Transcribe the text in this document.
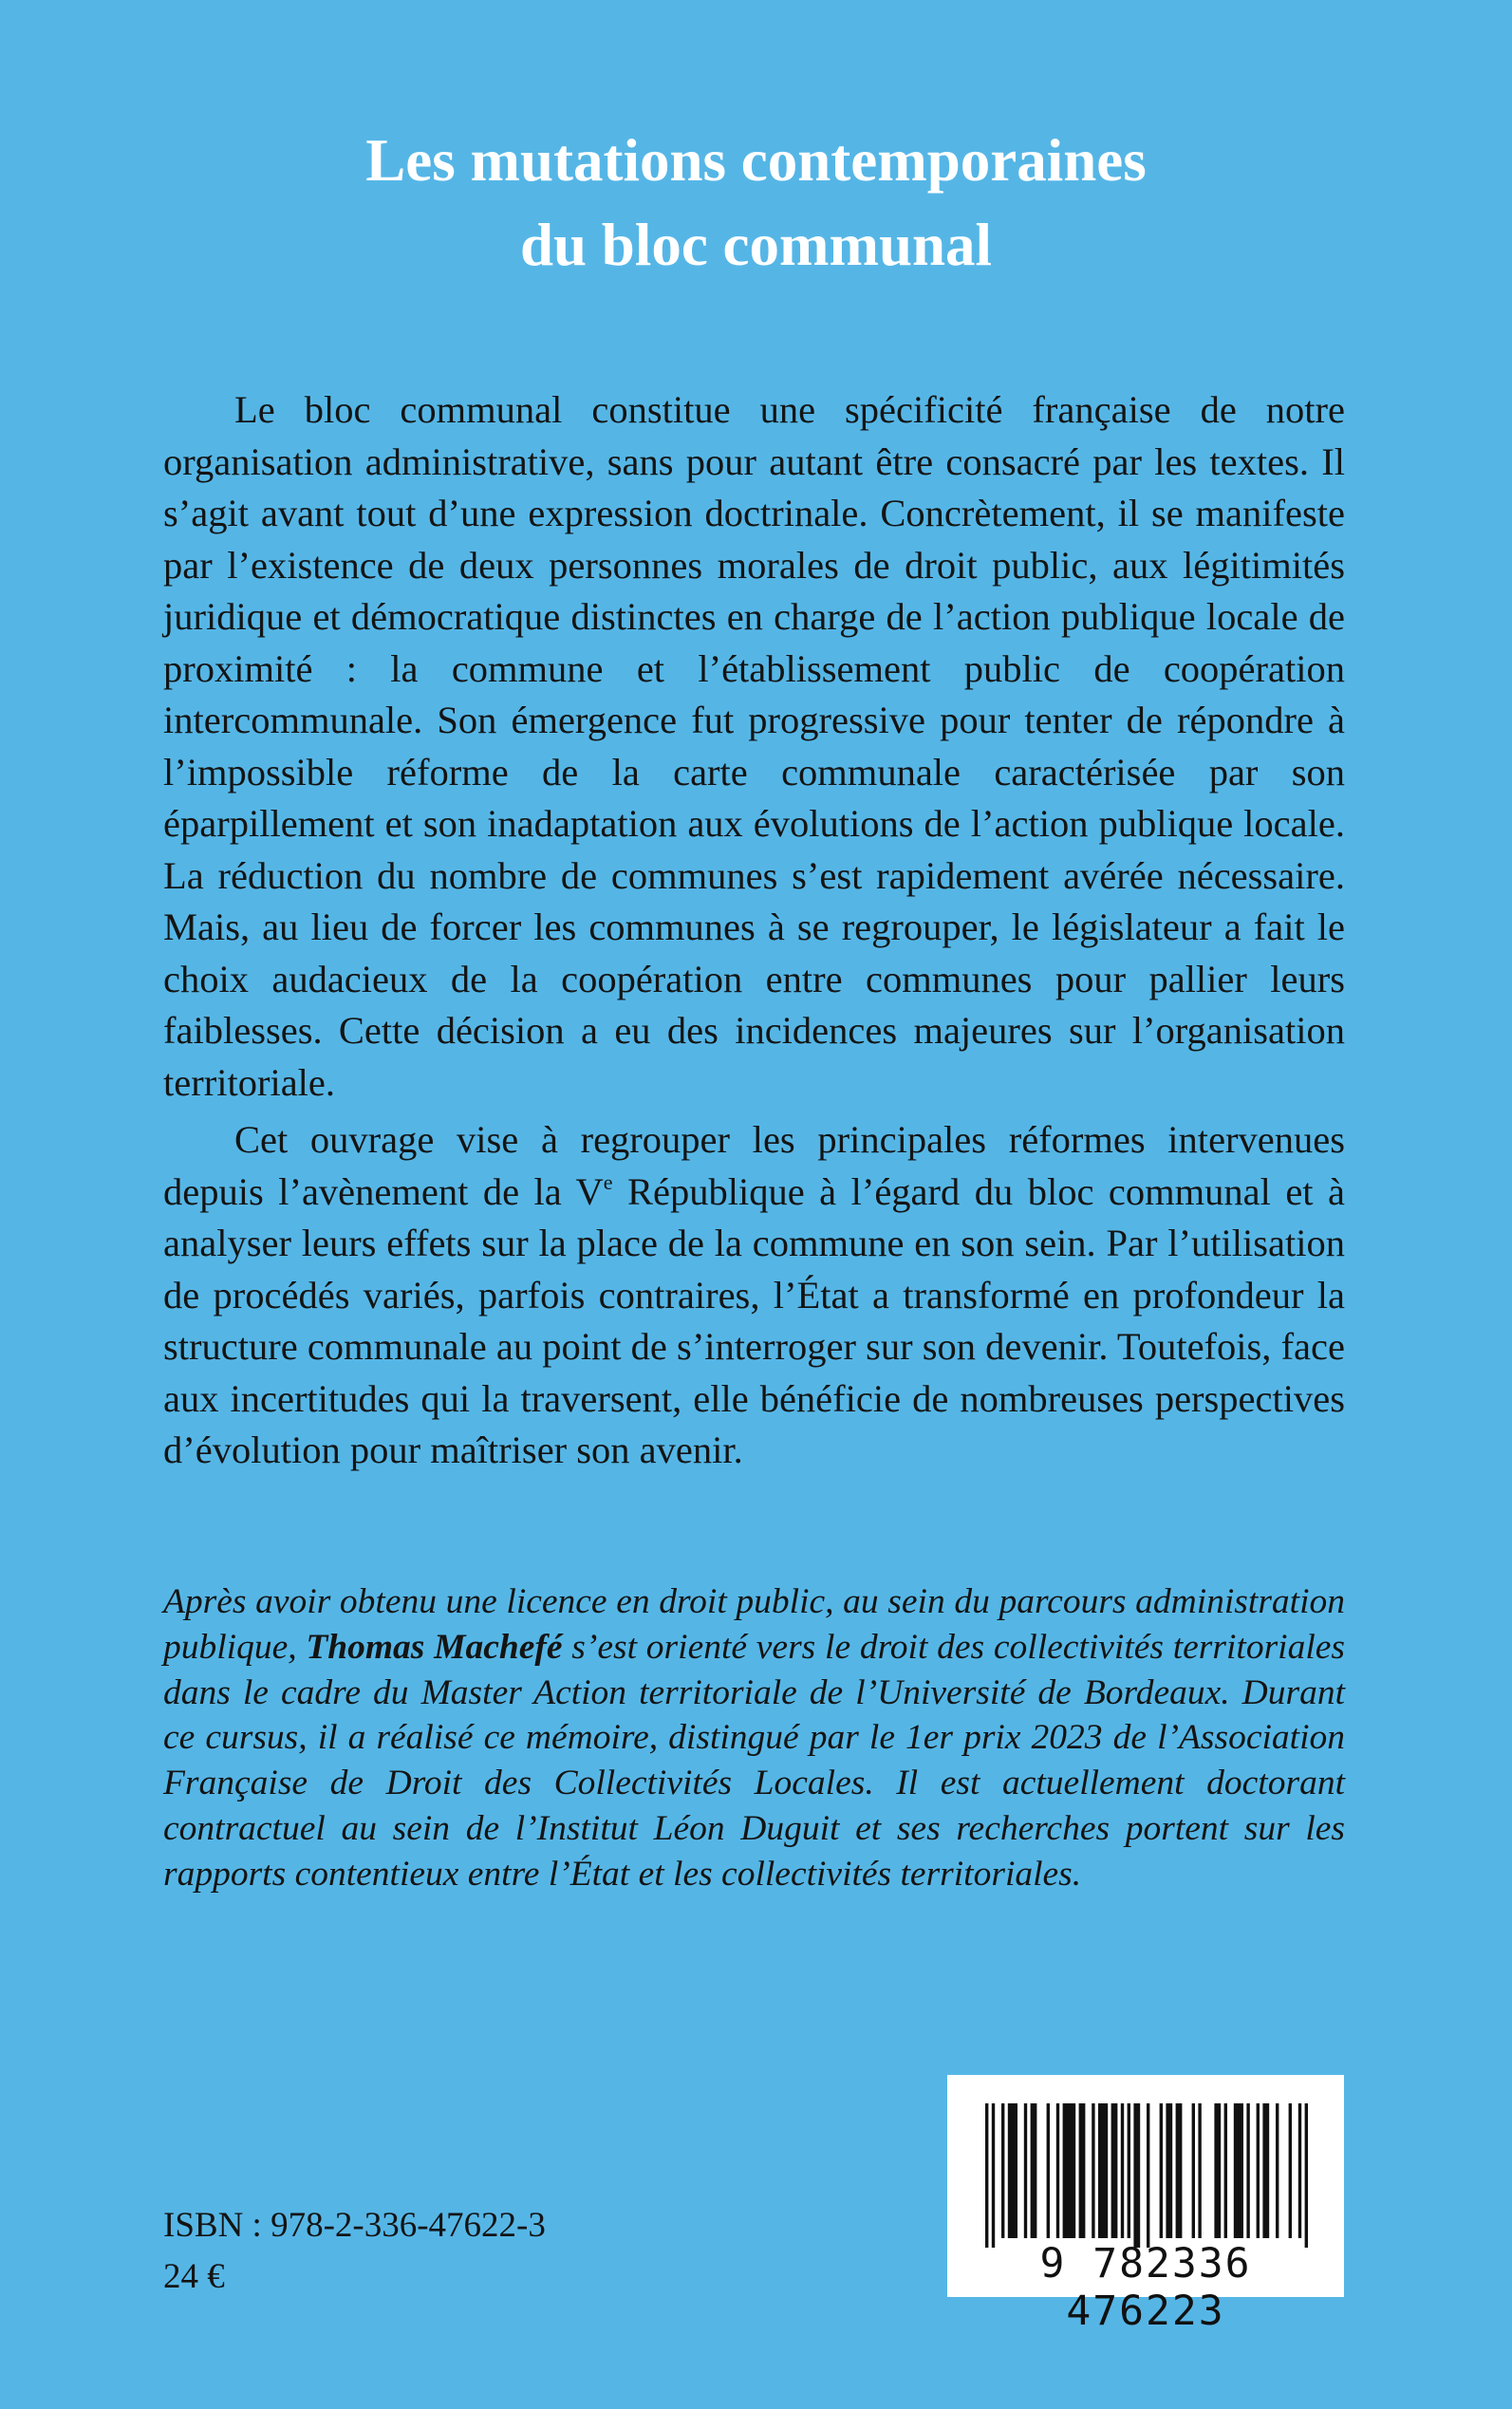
Les mutations contemporaines
du bloc communal

Le bloc communal constitue une spécificité française de notre organisation administrative, sans pour autant être consacré par les textes. Il s’agit avant tout d’une expression doctrinale. Concrètement, il se manifeste par l’existence de deux personnes morales de droit public, aux légitimités juridique et démocratique distinctes en charge de l’action publique locale de proximité : la commune et l’établissement public de coopération intercommunale. Son émergence fut progressive pour tenter de répondre à l’impossible réforme de la carte communale caractérisée par son éparpillement et son inadaptation aux évolutions de l’action publique locale. La réduction du nombre de communes s’est rapidement avérée nécessaire. Mais, au lieu de forcer les communes à se regrouper, le législateur a fait le choix audacieux de la coopération entre communes pour pallier leurs faiblesses. Cette décision a eu des incidences majeures sur l’organisation territoriale.

Cet ouvrage vise à regrouper les principales réformes intervenues depuis l’avènement de la Ve République à l’égard du bloc communal et à analyser leurs effets sur la place de la commune en son sein. Par l’utilisation de procédés variés, parfois contraires, l’État a transformé en profondeur la structure communale au point de s’interroger sur son devenir. Toutefois, face aux incertitudes qui la traversent, elle bénéficie de nombreuses perspectives d’évolution pour maîtriser son avenir.

Après avoir obtenu une licence en droit public, au sein du parcours administration publique, Thomas Machefé s’est orienté vers le droit des collectivités territoriales dans le cadre du Master Action territoriale de l’Université de Bordeaux. Durant ce cursus, il a réalisé ce mémoire, distingué par le 1er prix 2023 de l’Association Française de Droit des Collectivités Locales. Il est actuellement doctorant contractuel au sein de l’Institut Léon Duguit et ses recherches portent sur les rapports contentieux entre l’État et les collectivités territoriales.
ISBN : 978-2-336-47622-3
24 €	9 782336 476223
